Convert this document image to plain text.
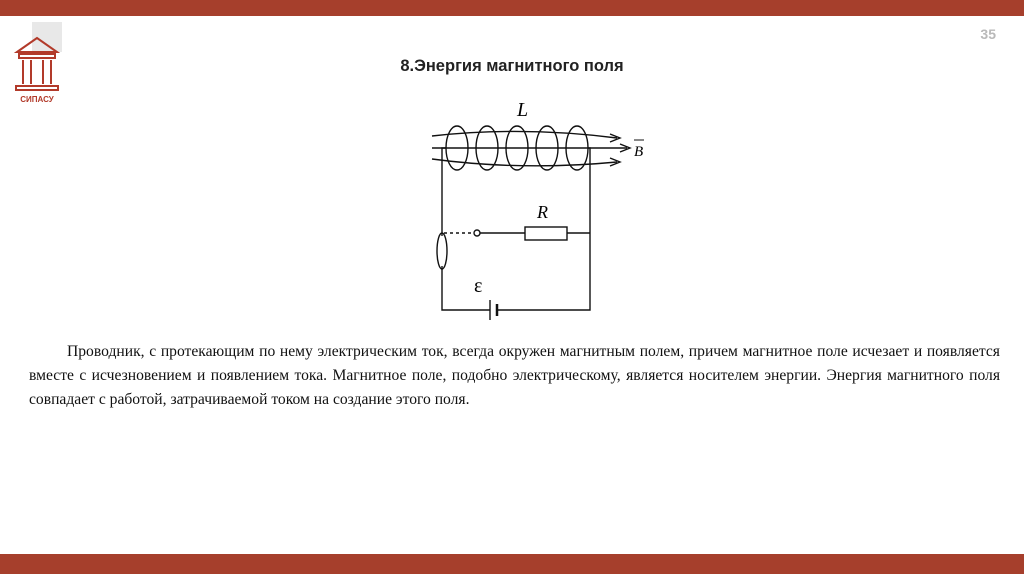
СИПАСУ
35
8.Энергия магнитного поля
L
B
R
ε
Проводник, с протекающим по нему электрическим ток, всегда окружен магнитным полем, причем магнитное поле исчезает и появляется вместе с исчезновением и появлением тока. Магнитное поле, подобно электрическому, является носителем энергии. Энергия магнитного поля совпадает с работой, затрачиваемой током на создание этого поля.
